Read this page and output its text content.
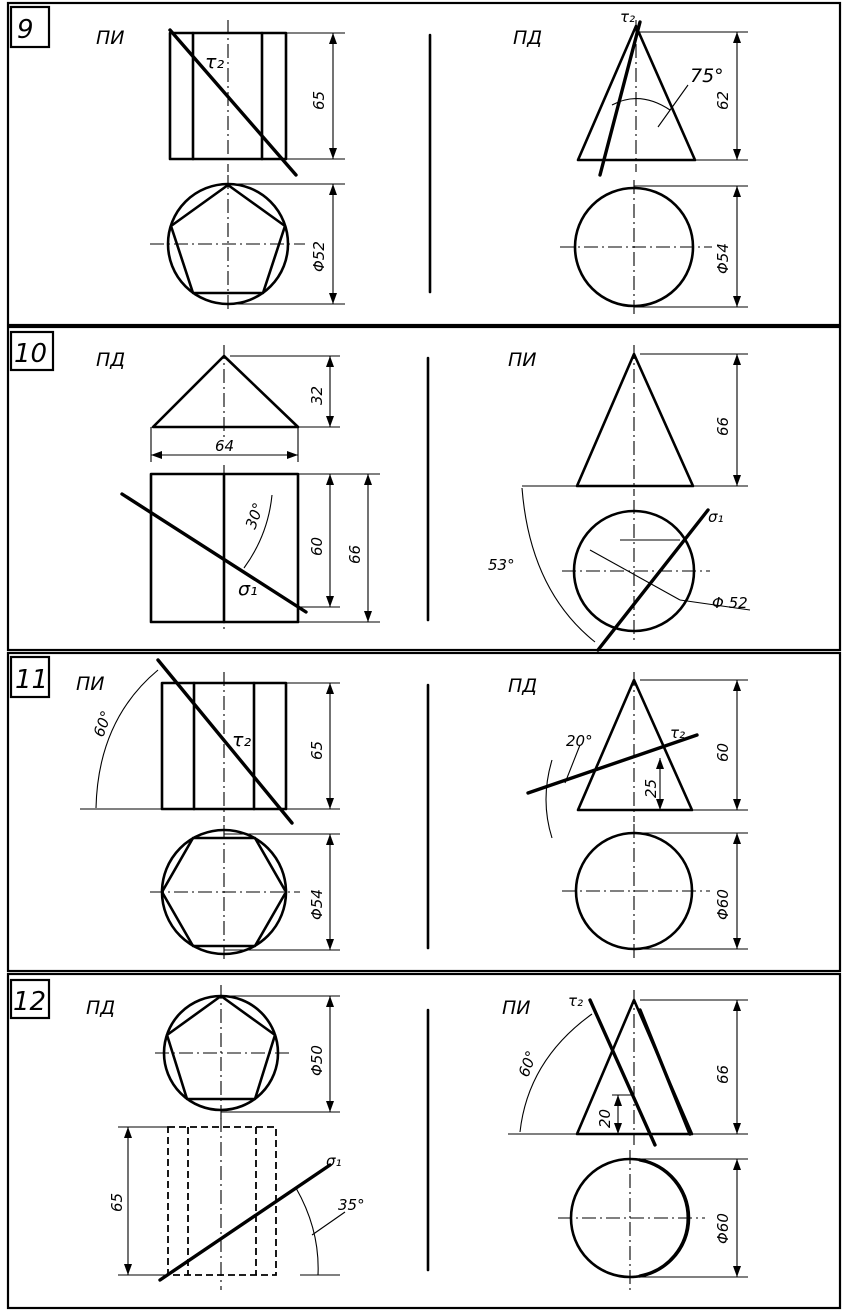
9	ПИ	ПД
τ₂
65
Φ52
τ₂
75°
62
Φ54
10	ПД	ПИ
32
64
30°
σ₁
60 66
66
σ₁
53°
Φ 52
11 ПИ	ПД
60°
τ₂	65
Φ54
20°	τ₂
25
60
Φ60
12 ПД	ПИ
Φ50
σ₁
35°
65
τ₂
60°
20
66
Φ60
